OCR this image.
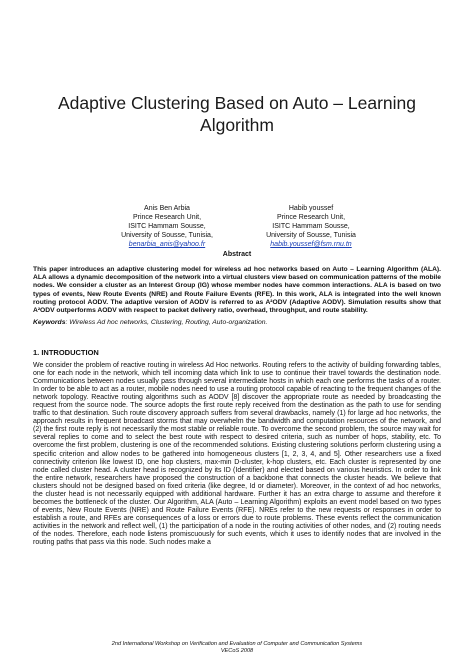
Adaptive Clustering Based on Auto – Learning Algorithm
Anis Ben Arbia
Prince Research Unit,
ISITC Hammam Sousse,
University of Sousse, Tunisia,
benarbia_anis@yahoo.fr
Habib youssef
Prince Research Unit,
ISITC Hammam Sousse,
University of Sousse, Tunisia
habib.youssef@fsm.rnu.tn
Abstract
This paper introduces an adaptive clustering model for wireless ad hoc networks based on Auto – Learning Algorithm (ALA). ALA allows a dynamic decomposition of the network into a virtual clusters view based on communication patterns of the mobile nodes. We consider a cluster as an Interest Group (IG) whose member nodes have common interactions. ALA is based on two types of events, New Route Events (NRE) and Route Failure Events (RFE). In this work, ALA is integrated into the well known routing protocol AODV. The adaptive version of AODV is referred to as A²ODV (Adaptive AODV). Simulation results show that A²ODV outperforms AODV with respect to packet delivery ratio, overhead, throughput, and route stability.
Keywords: Wireless Ad hoc networks, Clustering, Routing, Auto-organization.
1. INTRODUCTION
We consider the problem of reactive routing in wireless Ad Hoc networks. Routing refers to the activity of building forwarding tables, one for each node in the network, which tell incoming data which link to use to continue their travel towards the destination node. Communications between nodes usually pass through several intermediate hosts in which each one performs the tasks of a router. In order to be able to act as a router, mobile nodes need to use a routing protocol capable of reacting to the frequent changes of the network topology. Reactive routing algorithms such as AODV [8] discover the appropriate route as needed by broadcasting the request from the source node. The source adopts the first route reply received from the destination as the path to use for sending traffic to that destination. Such route discovery approach suffers from several drawbacks, namely (1) for large ad hoc networks, the approach results in frequent broadcast storms that may overwhelm the bandwidth and computation resources of the network, and (2) the first route reply is not necessarily the most stable or reliable route. To overcome the second problem, the source may wait for several replies to come and to select the best route with respect to desired criteria, such as number of hops, stability, etc. To overcome the first problem, clustering is one of the recommended solutions. Existing clustering solutions perform clustering using a specific criterion and allow nodes to be gathered into homogeneous clusters [1, 2, 3, 4, and 5]. Other researchers use a fixed connectivity criterion like lowest ID, one hop clusters, max-min D-cluster, k-hop clusters, etc. Each cluster is represented by one node called cluster head. A cluster head is recognized by its ID (Identifier) and elected based on various heuristics. In order to link the entire network, researchers have proposed the construction of a backbone that connects the cluster heads. We believe that clusters should not be designed based on fixed criteria (like degree, Id or diameter). Moreover, in the context of ad hoc networks, the cluster head is not necessarily equipped with additional hardware. Further it has an extra charge to assume and therefore it becomes the bottleneck of the cluster. Our Algorithm, ALA (Auto – Learning Algorithm) exploits an event model based on two types of events, New Route Events (NRE) and Route Failure Events (RFE). NREs refer to the new requests or responses in order to establish a route, and RFEs are consequences of a loss or errors due to route problems. These events reflect the communication activities in the network and reflect well, (1) the participation of a node in the routing activities of other nodes, and (2) routing needs of the nodes. Therefore, each node listens promiscuously for such events, which it uses to identify nodes that are involved in the routing paths that pass via this node. Such nodes make a
2nd International Workshop on Verification and Evaluation of Computer and Communication Systems
VECoS 2008
